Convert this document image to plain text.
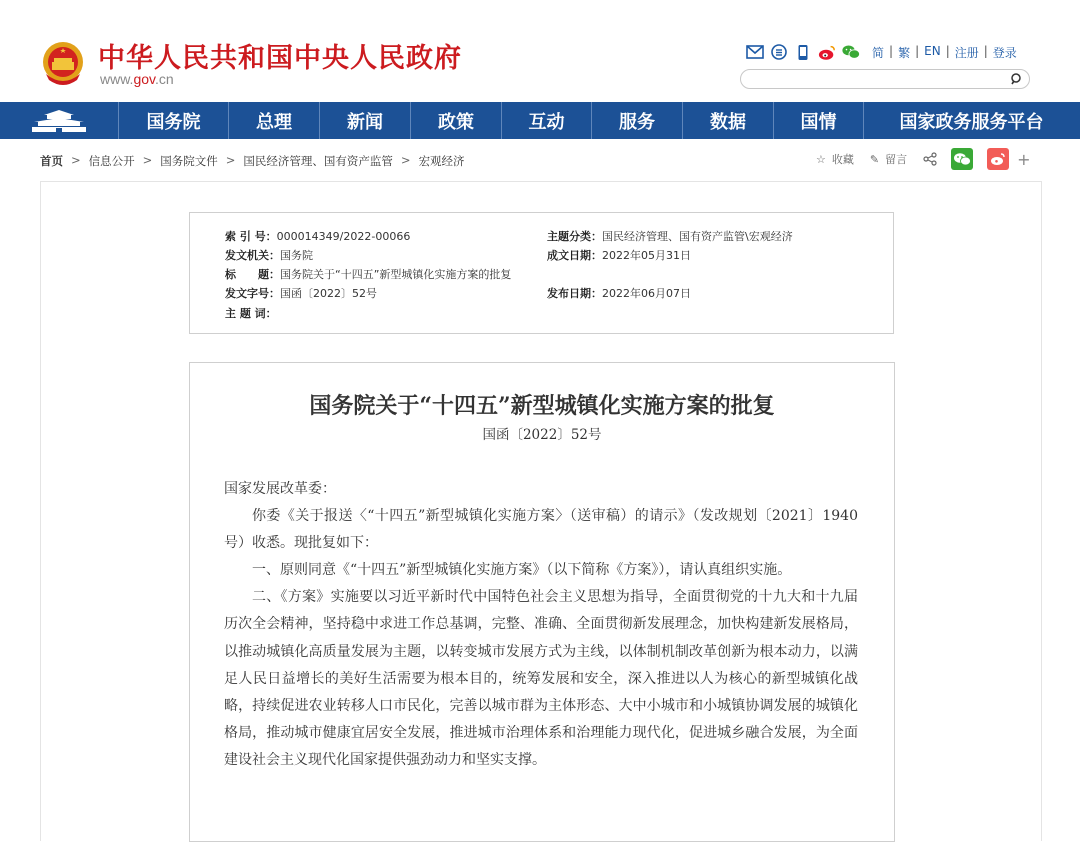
中华人民共和国中央人民政府
www.gov.cn
简 | 繁 | EN | 注册 | 登录
国务院	总理	新闻	政策	互动	服务	数据	国情	国家政务服务平台
首页 > 信息公开 > 国务院文件 > 国民经济管理、国有资产监管 > 宏观经济	☆ 收藏 ✎ 留言	+
索 引 号：000014349/2022-00066	主题分类：国民经济管理、国有资产监管\宏观经济
发文机关：国务院	成文日期：2022年05月31日
标　　题：国务院关于“十四五”新型城镇化实施方案的批复
发文字号：国函〔2022〕52号	发布日期：2022年06月07日
主 题 词：
国务院关于“十四五”新型城镇化实施方案的批复
国函〔2022〕52号

国家发展改革委：

你委《关于报送〈“十四五”新型城镇化实施方案〉（送审稿）的请示》（发改规划〔2021〕1940号）收悉。现批复如下：

一、原则同意《“十四五”新型城镇化实施方案》（以下简称《方案》），请认真组织实施。

二、《方案》实施要以习近平新时代中国特色社会主义思想为指导，全面贯彻党的十九大和十九届历次全会精神，坚持稳中求进工作总基调，完整、准确、全面贯彻新发展理念，加快构建新发展格局，以推动城镇化高质量发展为主题，以转变城市发展方式为主线，以体制机制改革创新为根本动力，以满足人民日益增长的美好生活需要为根本目的，统筹发展和安全，深入推进以人为核心的新型城镇化战略，持续促进农业转移人口市民化，完善以城市群为主体形态、大中小城市和小城镇协调发展的城镇化格局，推动城市健康宜居安全发展，推进城市治理体系和治理能力现代化，促进城乡融合发展，为全面建设社会主义现代化国家提供强劲动力和坚实支撑。
